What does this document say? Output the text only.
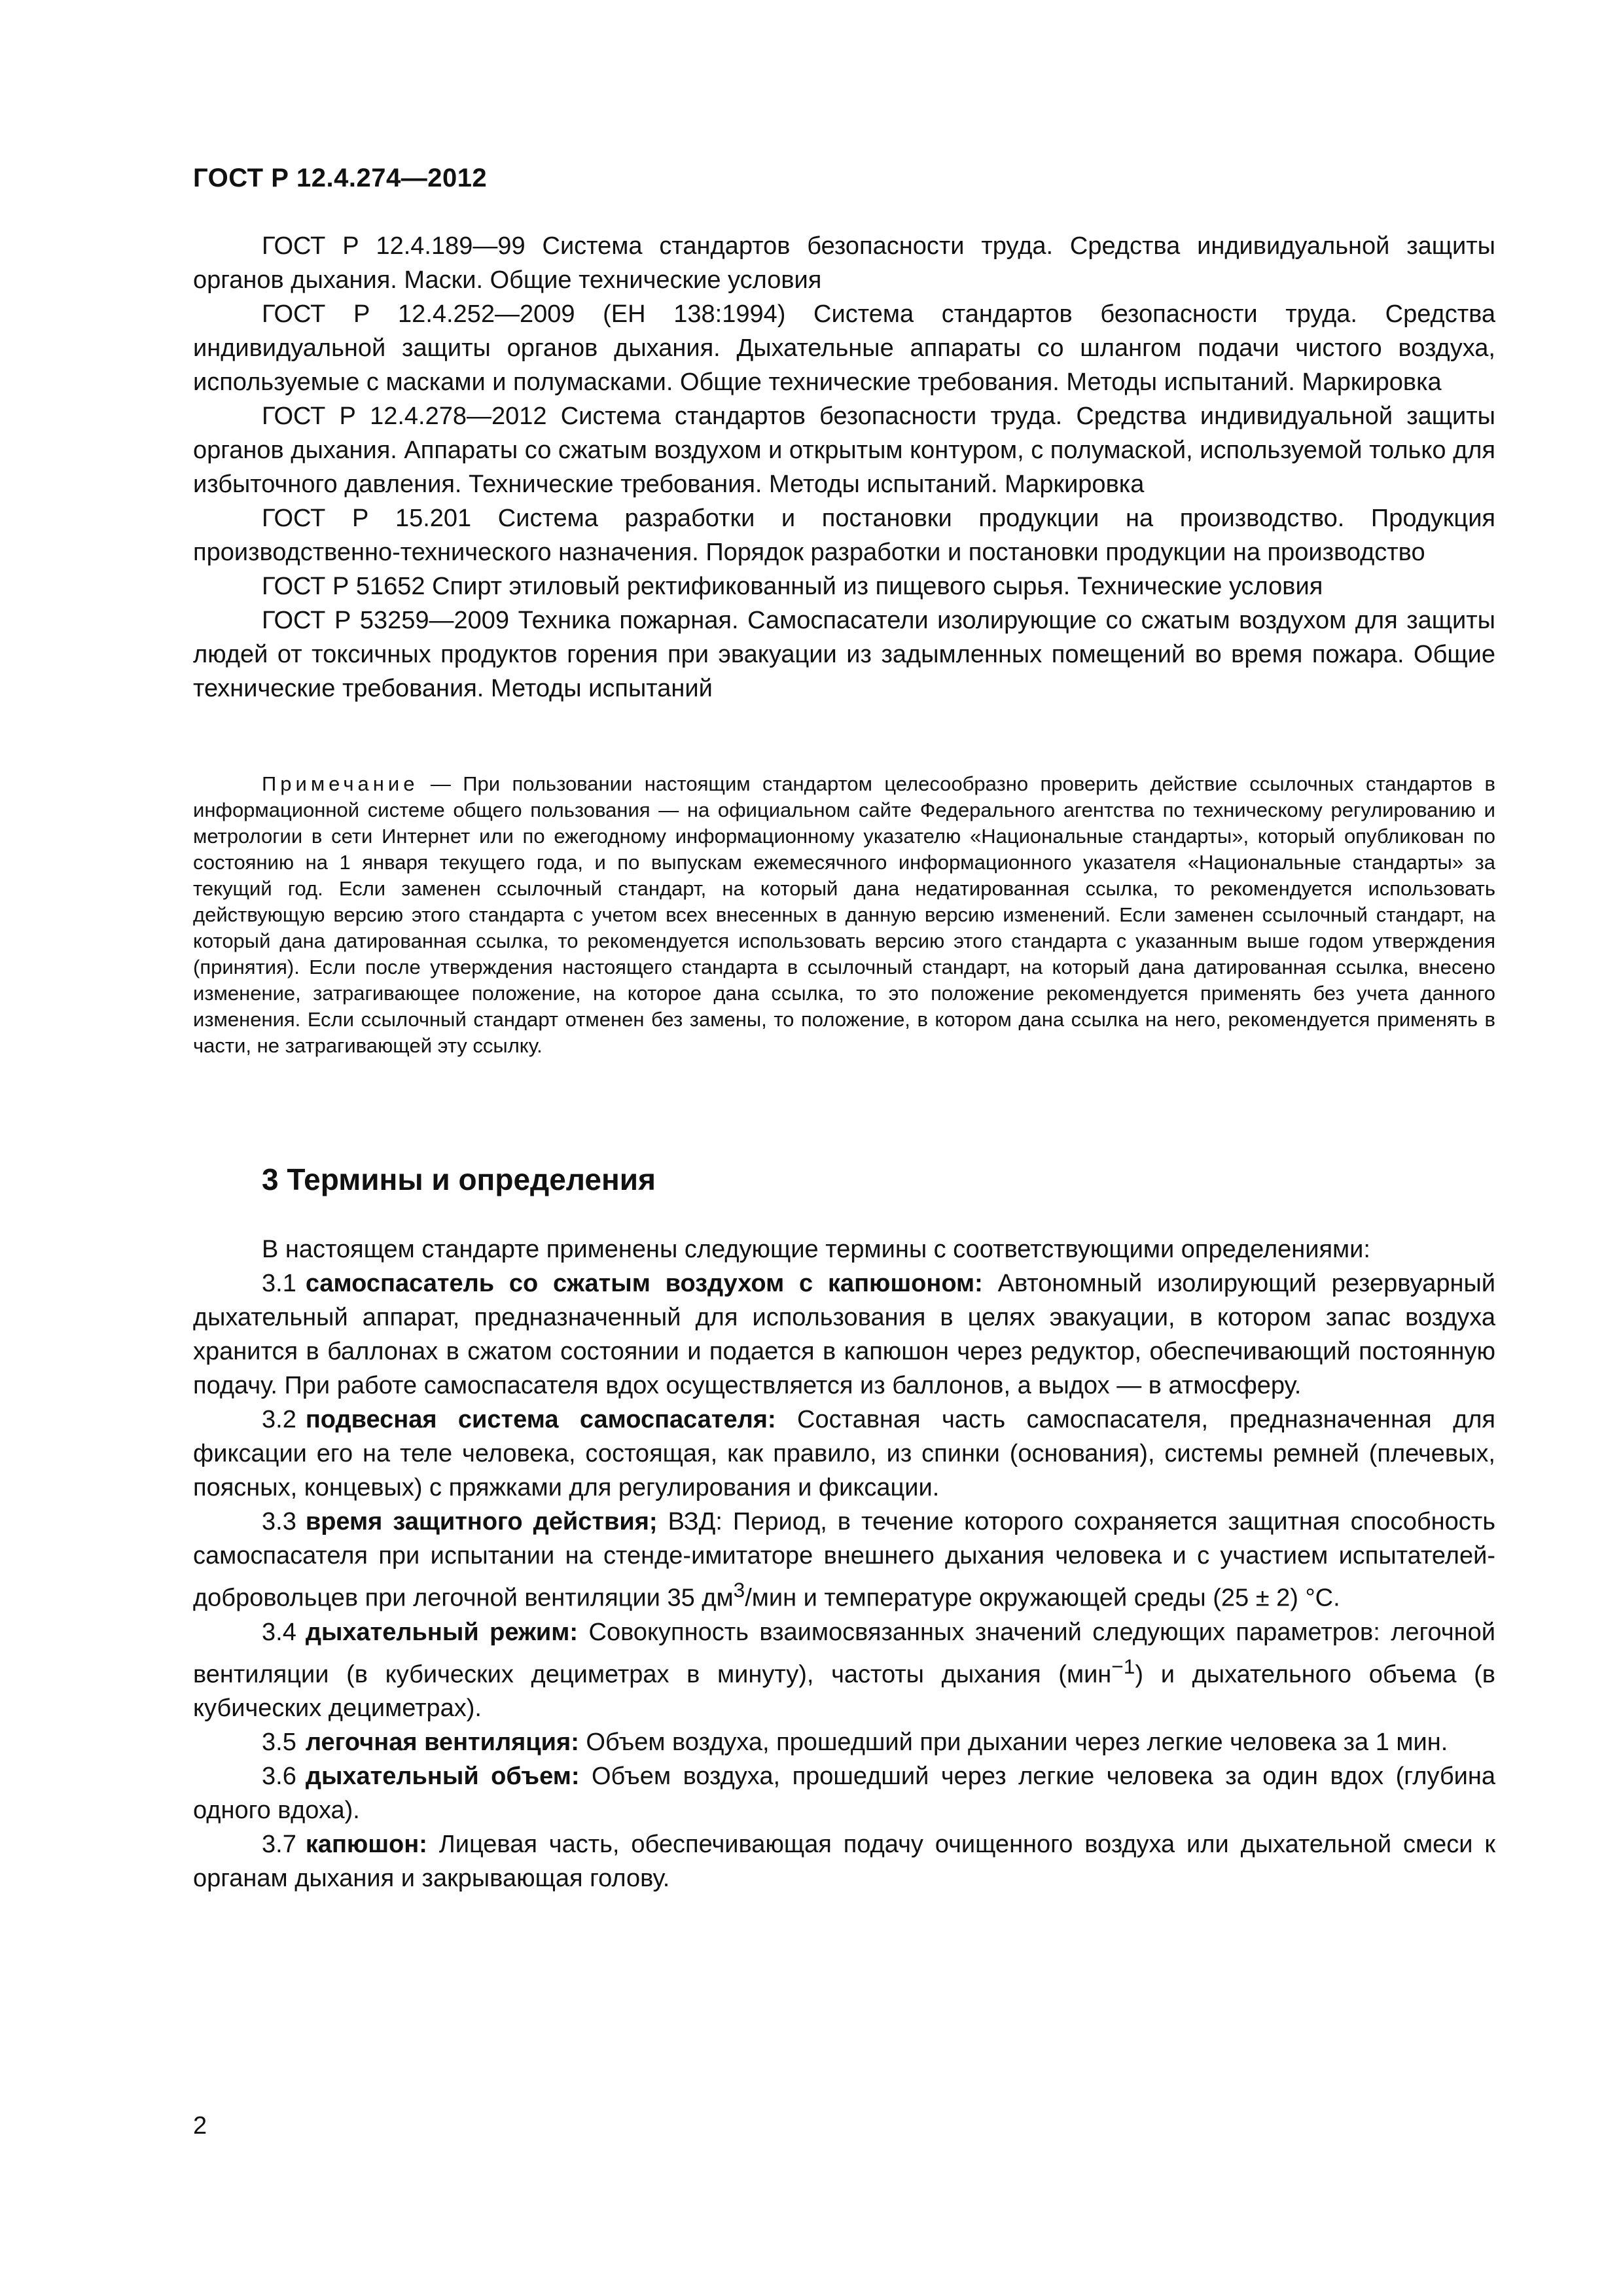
ГОСТ Р 12.4.274—2012

ГОСТ Р 12.4.189—99 Система стандартов безопасности труда. Средства индивидуальной защиты органов дыхания. Маски. Общие технические условия

ГОСТ Р 12.4.252—2009 (ЕН 138:1994) Система стандартов безопасности труда. Средства индивидуальной защиты органов дыхания. Дыхательные аппараты со шлангом подачи чистого воздуха, используемые с масками и полумасками. Общие технические требования. Методы испытаний. Маркировка

ГОСТ Р 12.4.278—2012 Система стандартов безопасности труда. Средства индивидуальной защиты органов дыхания. Аппараты со сжатым воздухом и открытым контуром, с полумаской, используемой только для избыточного давления. Технические требования. Методы испытаний. Маркировка

ГОСТ Р 15.201 Система разработки и постановки продукции на производство. Продукция производственно-технического назначения. Порядок разработки и постановки продукции на производство

ГОСТ Р 51652 Спирт этиловый ректификованный из пищевого сырья. Технические условия

ГОСТ Р 53259—2009 Техника пожарная. Самоспасатели изолирующие со сжатым воздухом для защиты людей от токсичных продуктов горения при эвакуации из задымленных помещений во время пожара. Общие технические требования. Методы испытаний

Примечание — При пользовании настоящим стандартом целесообразно проверить действие ссылочных стандартов в информационной системе общего пользования — на официальном сайте Федерального агентства по техническому регулированию и метрологии в сети Интернет или по ежегодному информационному указателю «Национальные стандарты», который опубликован по состоянию на 1 января текущего года, и по выпускам ежемесячного информационного указателя «Национальные стандарты» за текущий год. Если заменен ссылочный стандарт, на который дана недатированная ссылка, то рекомендуется использовать действующую версию этого стандарта с учетом всех внесенных в данную версию изменений. Если заменен ссылочный стандарт, на который дана датированная ссылка, то рекомендуется использовать версию этого стандарта с указанным выше годом утверждения (принятия). Если после утверждения настоящего стандарта в ссылочный стандарт, на который дана датированная ссылка, внесено изменение, затрагивающее положение, на которое дана ссылка, то это положение рекомендуется применять без учета данного изменения. Если ссылочный стандарт отменен без замены, то положение, в котором дана ссылка на него, рекомендуется применять в части, не затрагивающей эту ссылку.

3 Термины и определения

В настоящем стандарте применены следующие термины с соответствующими определениями:

3.1 самоспасатель со сжатым воздухом с капюшоном: Автономный изолирующий резервуарный дыхательный аппарат, предназначенный для использования в целях эвакуации, в котором запас воздуха хранится в баллонах в сжатом состоянии и подается в капюшон через редуктор, обеспечивающий постоянную подачу. При работе самоспасателя вдох осуществляется из баллонов, а выдох — в атмосферу.

3.2 подвесная система самоспасателя: Составная часть самоспасателя, предназначенная для фиксации его на теле человека, состоящая, как правило, из спинки (основания), системы ремней (плечевых, поясных, концевых) с пряжками для регулирования и фиксации.

3.3 время защитного действия; ВЗД: Период, в течение которого сохраняется защитная способность самоспасателя при испытании на стенде-имитаторе внешнего дыхания человека и с участием испытателей-добровольцев при легочной вентиляции 35 $дм^3$/мин и температуре окружающей среды (25 ± 2) °С.

3.4 дыхательный режим: Совокупность взаимосвязанных значений следующих параметров: легочной вентиляции (в кубических дециметрах в минуту), частоты дыхания (мин$^{-1}$) и дыхательного объема (в кубических дециметрах).

3.5 легочная вентиляция: Объем воздуха, прошедший при дыхании через легкие человека за 1 мин.

3.6 дыхательный объем: Объем воздуха, прошедший через легкие человека за один вдох (глубина одного вдоха).

3.7 капюшон: Лицевая часть, обеспечивающая подачу очищенного воздуха или дыхательной смеси к органам дыхания и закрывающая голову.

2
